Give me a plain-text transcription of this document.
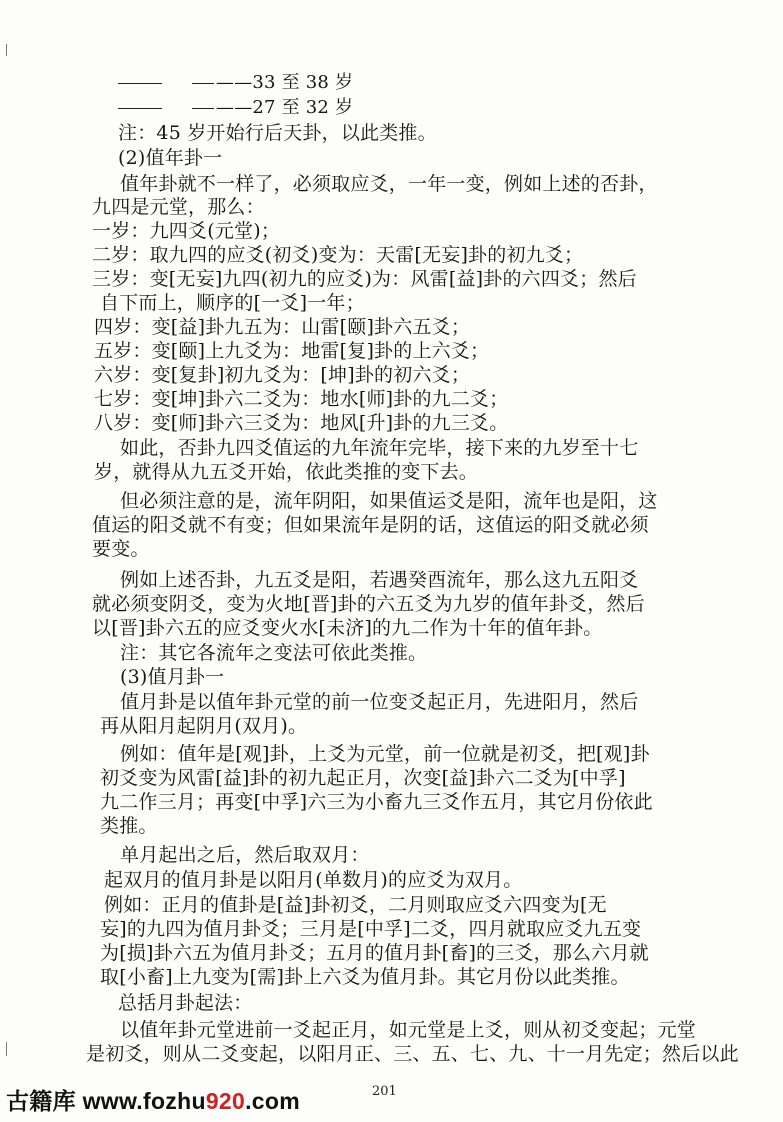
——33 至 38 岁
——27 至 32 岁
注：45 岁开始行后天卦，以此类推。
(2)值年卦一
值年卦就不一样了，必须取应爻，一年一变，例如上述的否卦，
九四是元堂，那么：
一岁：九四爻(元堂)；
二岁：取九四的应爻(初爻)变为：天雷[无妄]卦的初九爻；
三岁：变[无妄]九四(初九的应爻)为：风雷[益]卦的六四爻；然后
自下而上，顺序的[一爻]一年；
四岁：变[益]卦九五为：山雷[颐]卦六五爻；
五岁：变[颐]上九爻为：地雷[复]卦的上六爻；
六岁：变[复卦]初九爻为：[坤]卦的初六爻；
七岁：变[坤]卦六二爻为：地水[师]卦的九二爻；
八岁：变[师]卦六三爻为：地风[升]卦的九三爻。
如此，否卦九四爻值运的九年流年完毕，接下来的九岁至十七
岁，就得从九五爻开始，依此类推的变下去。
但必须注意的是，流年阴阳，如果值运爻是阳，流年也是阳，这
值运的阳爻就不有变；但如果流年是阴的话，这值运的阳爻就必须
要变。
例如上述否卦，九五爻是阳，若遇癸酉流年，那么这九五阳爻
就必须变阴爻，变为火地[晋]卦的六五爻为九岁的值年卦爻，然后
以[晋]卦六五的应爻变火水[未济]的九二作为十年的值年卦。
注：其它各流年之变法可依此类推。
(3)值月卦一
值月卦是以值年卦元堂的前一位变爻起正月，先进阳月，然后
再从阳月起阴月(双月)。
例如：值年是[观]卦，上爻为元堂，前一位就是初爻，把[观]卦
初爻变为风雷[益]卦的初九起正月，次变[益]卦六二爻为[中孚]
九二作三月；再变[中孚]六三为小畜九三爻作五月，其它月份依此
类推。
单月起出之后，然后取双月：
起双月的值月卦是以阳月(单数月)的应爻为双月。
例如：正月的值卦是[益]卦初爻，二月则取应爻六四变为[无
妄]的九四为值月卦爻；三月是[中孚]二爻，四月就取应爻九五变
为[损]卦六五为值月卦爻；五月的值月卦[畜]的三爻，那么六月就
取[小畜]上九变为[需]卦上六爻为值月卦。其它月份以此类推。
总括月卦起法：
以值年卦元堂进前一爻起正月，如元堂是上爻，则从初爻变起；元堂
是初爻，则从二爻变起，以阳月正、三、五、七、九、十一月先定；然后以此
201
古籍库 www.fozhu920.com
